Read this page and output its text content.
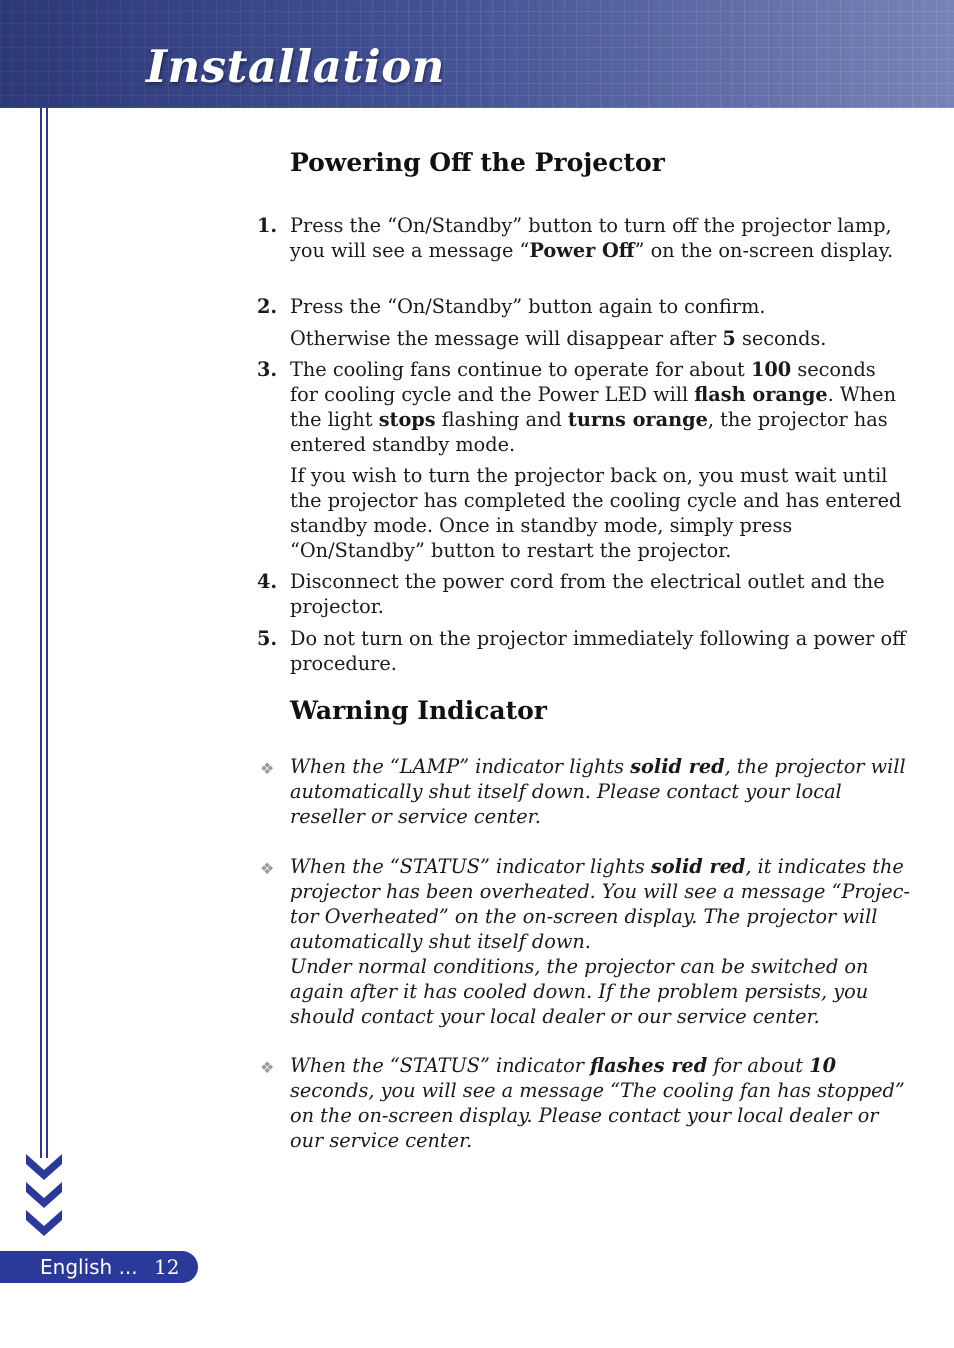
Installation
Powering Off the Projector
1. Press the “On/Standby” button to turn off the projector lamp, you will see a message “Power Off” on the on-screen display.
2. Press the “On/Standby” button again to confirm.
Otherwise the message will disappear after 5 seconds.
3. The cooling fans continue to operate for about 100 seconds for cooling cycle and the Power LED will flash orange. When the light stops flashing and turns orange, the projector has entered standby mode.
If you wish to turn the projector back on, you must wait until the projector has completed the cooling cycle and has entered standby mode. Once in standby mode, simply press “On/Standby” button to restart the projector.
4. Disconnect the power cord from the electrical outlet and the projector.
5. Do not turn on the projector immediately following a power off procedure.
Warning Indicator
❖ When the “LAMP” indicator lights solid red, the projector will automatically shut itself down. Please contact your local reseller or service center.
❖ When the “STATUS” indicator lights solid red, it indicates the projector has been overheated. You will see a message “Projec-tor Overheated” on the on-screen display. The projector will automatically shut itself down.
Under normal conditions, the projector can be switched on again after it has cooled down. If the problem persists, you should contact your local dealer or our service center.
❖ When the “STATUS” indicator flashes red for about 10 seconds, you will see a message “The cooling fan has stopped” on the on-screen display. Please contact your local dealer or our service center.
English ... 12
